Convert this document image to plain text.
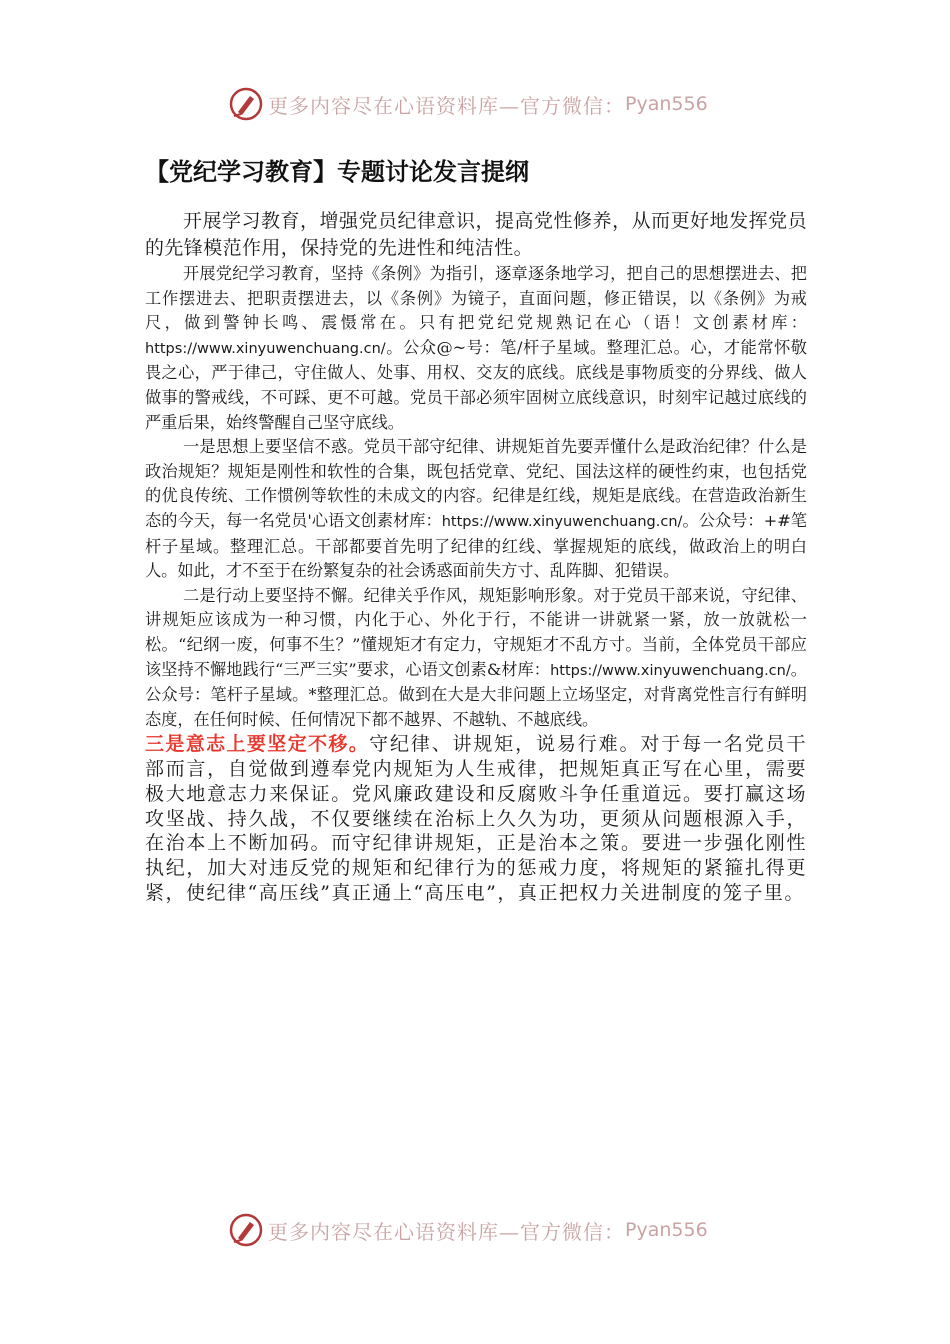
更多内容尽在心语资料库—官方微信： Pyan556
【党纪学习教育】专题讨论发言提纲

开展学习教育，增强党员纪律意识，提高党性修养，从而更好地发挥党员的先锋模范作用，保持党的先进性和纯洁性。

开展党纪学习教育，坚持《条例》为指引，逐章逐条地学习，把自己的思想摆进去、把工作摆进去、把职责摆进去，以《条例》为镜子，直面问题，修正错误，以《条例》为戒尺，做到警钟长鸣、震慑常在。只有把党纪党规熟记在心（语！文创素材库：https://www.xinyuwenchuang.cn/。公众@~号：笔/杆子星域。整理汇总。心，才能常怀敬畏之心，严于律己，守住做人、处事、用权、交友的底线。底线是事物质变的分界线、做人做事的警戒线，不可踩、更不可越。党员干部必须牢固树立底线意识，时刻牢记越过底线的严重后果，始终警醒自己坚守底线。

一是思想上要坚信不惑。党员干部守纪律、讲规矩首先要弄懂什么是政治纪律？什么是政治规矩？规矩是刚性和软性的合集，既包括党章、党纪、国法这样的硬性约束，也包括党的优良传统、工作惯例等软性的未成文的内容。纪律是红线，规矩是底线。在营造政治新生态的今天，每一名党员'心语文创素材库：https://www.xinyuwenchuang.cn/。公众号：+#笔杆子星域。整理汇总。干部都要首先明了纪律的红线、掌握规矩的底线，做政治上的明白人。如此，才不至于在纷繁复杂的社会诱惑面前失方寸、乱阵脚、犯错误。

二是行动上要坚持不懈。纪律关乎作风，规矩影响形象。对于党员干部来说，守纪律、讲规矩应该成为一种习惯，内化于心、外化于行，不能讲一讲就紧一紧，放一放就松一松。“纪纲一废，何事不生？”懂规矩才有定力，守规矩才不乱方寸。当前，全体党员干部应该坚持不懈地践行“三严三实”要求，心语文创素&材库：https://www.xinyuwenchuang.cn/。公众号：笔杆子星域。*整理汇总。做到在大是大非问题上立场坚定，对背离党性言行有鲜明态度，在任何时候、任何情况下都不越界、不越轨、不越底线。

三是意志上要坚定不移。守纪律、讲规矩，说易行难。对于每一名党员干部而言，自觉做到遵奉党内规矩为人生戒律，把规矩真正写在心里，需要极大地意志力来保证。党风廉政建设和反腐败斗争任重道远。要打赢这场攻坚战、持久战，不仅要继续在治标上久久为功，更须从问题根源入手，在治本上不断加码。而守纪律讲规矩，正是治本之策。要进一步强化刚性执纪，加大对违反党的规矩和纪律行为的惩戒力度，将规矩的紧箍扎得更紧，使纪律“高压线”真正通上“高压电”，真正把权力关进制度的笼子里。

更多内容尽在心语资料库—官方微信： Pyan556
